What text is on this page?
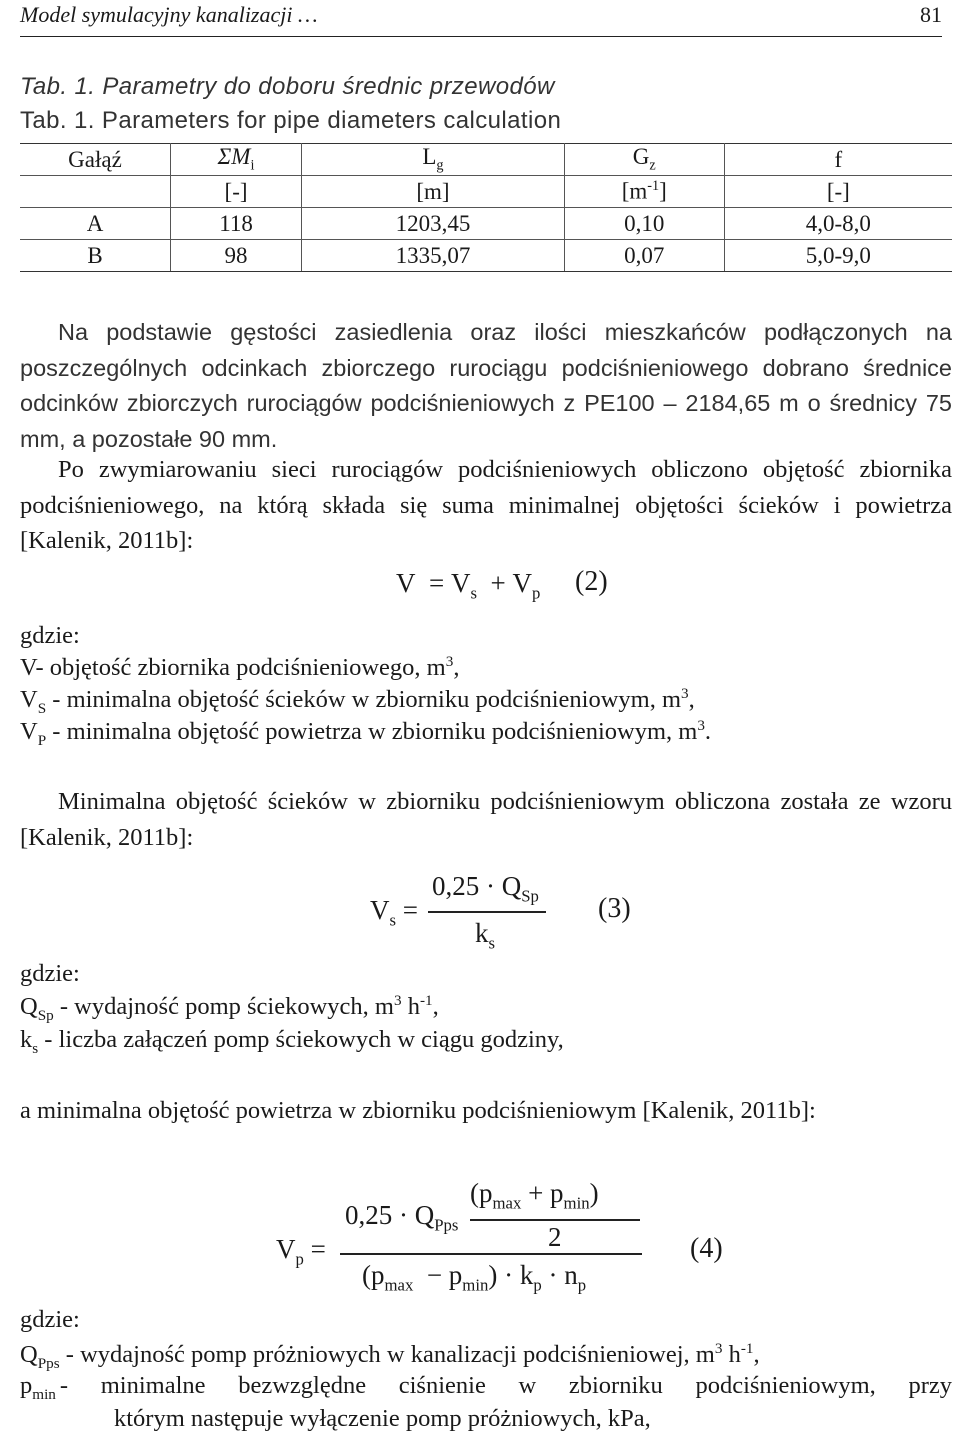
Model symulacyjny kanalizacji …	81
Tab. 1. Parametry do doboru średnic przewodów
Tab. 1. Parameters for pipe diameters calculation
Gałąź	$\Sigma M_i$	$L_g$	$G_z$	f
	[-]	[m]	$[m^{-1}]$	[-]
A	118	1203,45	0,10	4,0-8,0
B	98	1335,07	0,07	5,0-9,0
Na podstawie gęstości zasiedlenia oraz ilości mieszkańców podłączonych na poszczególnych odcinkach zbiorczego rurociągu podciśnieniowego dobrano średnice odcinków zbiorczych rurociągów podciśnieniowych z PE100 – 2184,65 m o średnicy 75 mm, a pozostałe 90 mm.
Po zwymiarowaniu sieci rurociągów podciśnieniowych obliczono objętość zbiornika podciśnieniowego, na którą składa się suma minimalnej objętości ścieków i powietrza [Kalenik, 2011b]:
$V = V_s + V_p$ (2)
gdzie:
V- objętość zbiornika podciśnieniowego, $m^3$,
$V_S$ - minimalna objętość ścieków w zbiorniku podciśnieniowym, $m^3$,
$V_P$ - minimalna objętość powietrza w zbiorniku podciśnieniowym, $m^3$.
Minimalna objętość ścieków w zbiorniku podciśnieniowym obliczona została ze wzoru [Kalenik, 2011b]:
$V_s$ =
$0,25 \cdot Q_{Sp}$
$k_s$
(3)
gdzie:
$Q_{Sp}$ - wydajność pomp ściekowych, $m^3$ $h^{-1}$,
$k_s$ - liczba załączeń pomp ściekowych w ciągu godziny,
a minimalna objętość powietrza w zbiorniku podciśnieniowym [Kalenik, 2011b]:
$V_p$ =
$0,25 \cdot Q_{Pps}$
$(p_{max} + p_{min})$
2
$(p_{max} - p_{min}) \cdot k_p \cdot n_p$
(4)
gdzie:
$Q_{Pps}$ - wydajność pomp próżniowych w kanalizacji podciśnieniowej, $m^3$ $h^{-1}$,
$p_{min}$ - minimalne bezwzględne ciśnienie w zbiorniku podciśnieniowym, przy
którym następuje wyłączenie pomp próżniowych, kPa,
